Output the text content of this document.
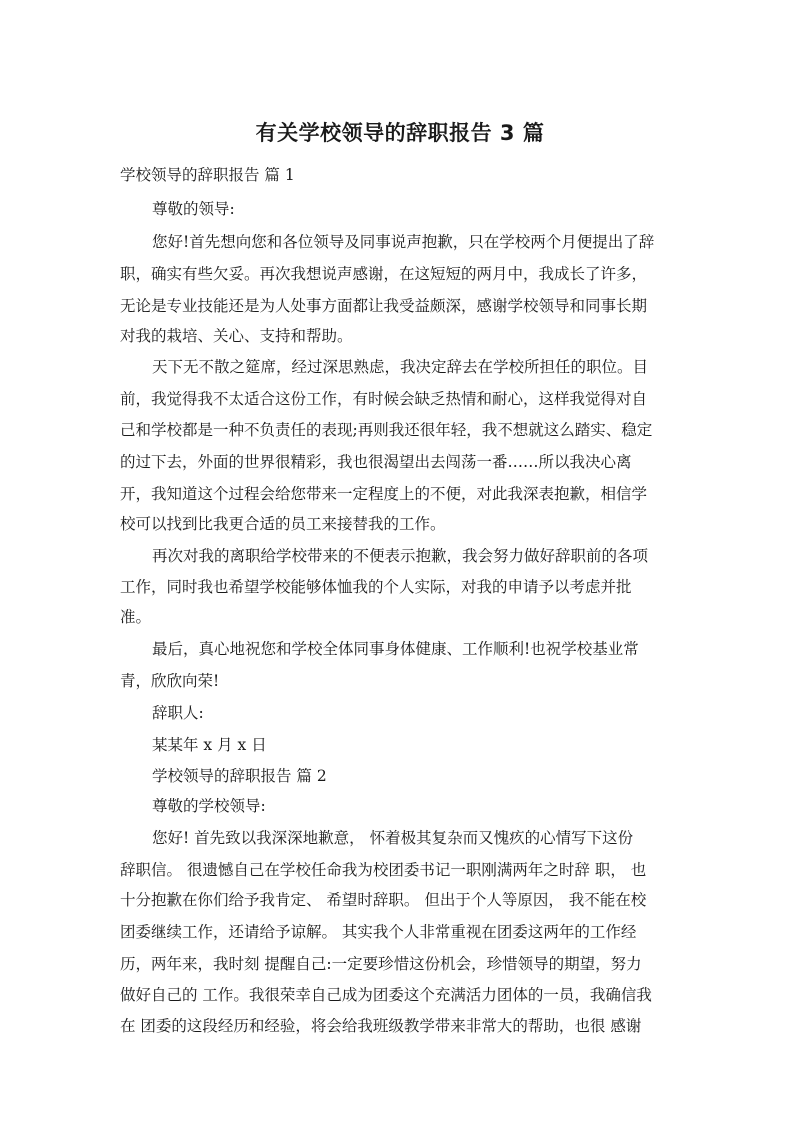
有关学校领导的辞职报告 3 篇
学校领导的辞职报告 篇 1
尊敬的领导:
您好!首先想向您和各位领导及同事说声抱歉，只在学校两个月便提出了辞
职，确实有些欠妥。再次我想说声感谢，在这短短的两月中，我成长了许多，
无论是专业技能还是为人处事方面都让我受益颇深，感谢学校领导和同事长期
对我的栽培、关心、支持和帮助。
天下无不散之筵席，经过深思熟虑，我决定辞去在学校所担任的职位。目
前，我觉得我不太适合这份工作，有时候会缺乏热情和耐心，这样我觉得对自
己和学校都是一种不负责任的表现;再则我还很年轻，我不想就这么踏实、稳定
的过下去，外面的世界很精彩，我也很渴望出去闯荡一番……所以我决心离
开，我知道这个过程会给您带来一定程度上的不便，对此我深表抱歉，相信学
校可以找到比我更合适的员工来接替我的工作。
再次对我的离职给学校带来的不便表示抱歉，我会努力做好辞职前的各项
工作，同时我也希望学校能够体恤我的个人实际，对我的申请予以考虑并批
准。
最后，真心地祝您和学校全体同事身体健康、工作顺利!也祝学校基业常
青，欣欣向荣!
辞职人:
某某年 x 月 x 日
学校领导的辞职报告 篇 2
尊敬的学校领导:
您好! 首先致以我深深地歉意， 怀着极其复杂而又愧疚的心情写下这份
辞职信。 很遗憾自己在学校任命我为校团委书记一职刚满两年之时辞 职， 也
十分抱歉在你们给予我肯定、 希望时辞职。 但出于个人等原因， 我不能在校
团委继续工作，还请给予谅解。 其实我个人非常重视在团委这两年的工作经
历，两年来，我时刻 提醒自己:一定要珍惜这份机会，珍惜领导的期望，努力
做好自己的 工作。我很荣幸自己成为团委这个充满活力团体的一员，我确信我
在 团委的这段经历和经验，将会给我班级教学带来非常大的帮助，也很 感谢
